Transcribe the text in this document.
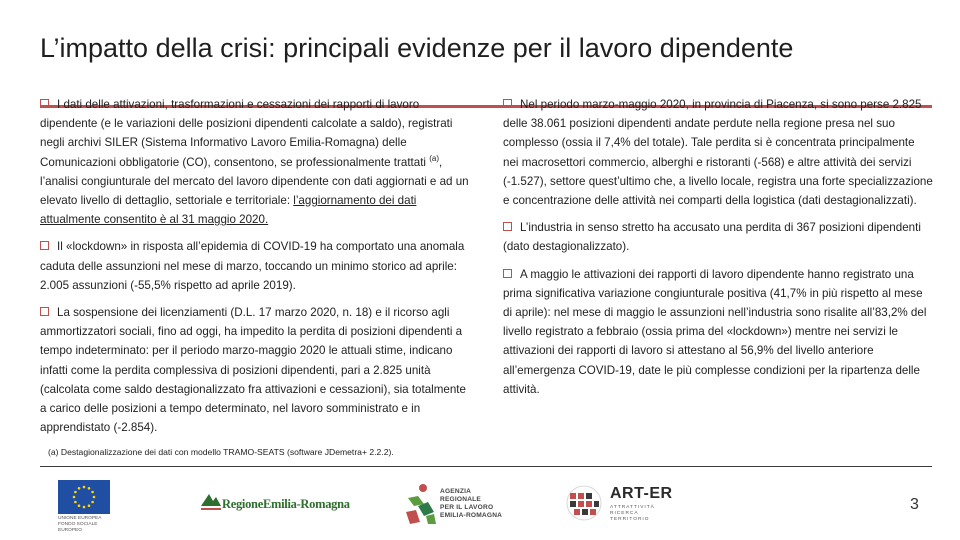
L’impatto della crisi: principali evidenze per il lavoro dipendente
I dati delle attivazioni, trasformazioni e cessazioni dei rapporti di lavoro dipendente (e le variazioni delle posizioni dipendenti calcolate a saldo), registrati negli archivi SILER (Sistema Informativo Lavoro Emilia-Romagna) delle Comunicazioni obbligatorie (CO), consentono, se professionalmente trattati $^{(a)}$, l’analisi congiunturale del mercato del lavoro dipendente con dati aggiornati e ad un elevato livello di dettaglio, settoriale e territoriale: l’aggiornamento dei dati attualmente consentito è al 31 maggio 2020.
Il «lockdown» in risposta all’epidemia di COVID-19 ha comportato una anomala caduta delle assunzioni nel mese di marzo, toccando un minimo storico ad aprile: 2.005 assunzioni (-55,5% rispetto ad aprile 2019).
La sospensione dei licenziamenti (D.L. 17 marzo 2020, n. 18) e il ricorso agli ammortizzatori sociali, fino ad oggi, ha impedito la perdita di posizioni dipendenti a tempo indeterminato: per il periodo marzo-maggio 2020 le attuali stime, indicano infatti come la perdita complessiva di posizioni dipendenti, pari a 2.825 unità (calcolata come saldo destagionalizzato fra attivazioni e cessazioni), sia totalmente a carico delle posizioni a tempo determinato, nel lavoro somministrato e in apprendistato (-2.854).
Nel periodo marzo-maggio 2020, in provincia di Piacenza, si sono perse 2.825 delle 38.061 posizioni dipendenti andate perdute nella regione presa nel suo complesso (ossia il 7,4% del totale). Tale perdita si è concentrata principalmente nei macrosettori commercio, alberghi e ristoranti (-568) e altre attività dei servizi (-1.527), settore quest’ultimo che, a livello locale, registra una forte specializzazione e concentrazione delle attività nei comparti della logistica (dati destagionalizzati).
L’industria in senso stretto ha accusato una perdita di 367 posizioni dipendenti (dato destagionalizzato).
A maggio le attivazioni dei rapporti di lavoro dipendente hanno registrato una prima significativa variazione congiunturale positiva (41,7% in più rispetto al mese di aprile): nel mese di maggio le assunzioni nell’industria sono risalite all’83,2% del livello registrato a febbraio (ossia prima del «lockdown») mentre nei servizi le attivazioni dei rapporti di lavoro si attestano al 56,9% del livello anteriore all’emergenza COVID-19, date le più complesse condizioni per la ripartenza delle attività.
(a) Destagionalizzazione dei dati con modello TRAMO-SEATS (software JDemetra+ 2.2.2).
UNIONE EUROPEA FONDO SOCIALE EUROPEO
RegioneEmilia-Romagna
AGENZIA
REGIONALE
PER IL LAVORO
EMILIA-ROMAGNA
ART-ER
ATTRATTIVITÀ
RICERCA
TERRITORIO
3
